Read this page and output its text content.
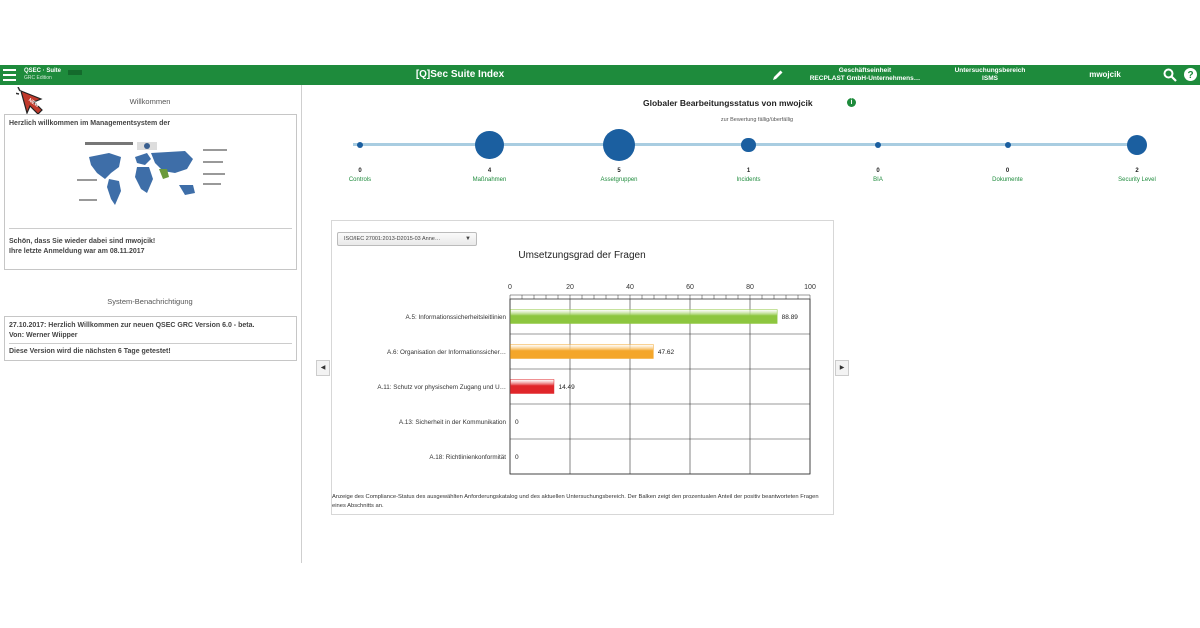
QSEC · Suite
GRC Edition	[Q]Sec Suite Index	Geschäftseinheit
RECPLAST GmbH-Unternehmens…
Untersuchungsbereich
ISMS	mwojcik	?
NEW	Willkommen
Herzlich willkommen im Managementsystem der
Schön, dass Sie wieder dabei sind mwojcik!
Ihre letzte Anmeldung war am 08.11.2017
System-Benachrichtigung
27.10.2017: Herzlich Willkommen zur neuen QSEC GRC Version 6.0 - beta.
Von: Werner Wiipper
Diese Version wird die nächsten 6 Tage getestet!
Globaler Bearbeitungsstatus von mwojcik	i
zur Bewertung fällig/überfällig
0
Controls
4
Maßnahmen
5
Assetgruppen
1
Incidents
0
BIA
0
Dokumente
2
Security Level
Umsetzungsgrad der Fragen
0	20	40	60	80	100
A.5: Informationssicherheitsleitlinien	88.89
A.6: Organisation der Informationssicher…	47.62
A.11: Schutz vor physischem Zugang und U…	14.49
A.13: Sicherheit in der Kommunikation 0
A.18: Richtlinienkonformität 0
ISO/IEC 27001:2013-D2015-03 Anne…	▼
Anzeige des Compliance-Status des ausgewählten Anforderungskatalog und des aktuellen Untersuchungsbereich. Der Balken zeigt den prozentualen Anteil der positiv beantworteten Fragen eines Abschnitts an.
◀	▶
